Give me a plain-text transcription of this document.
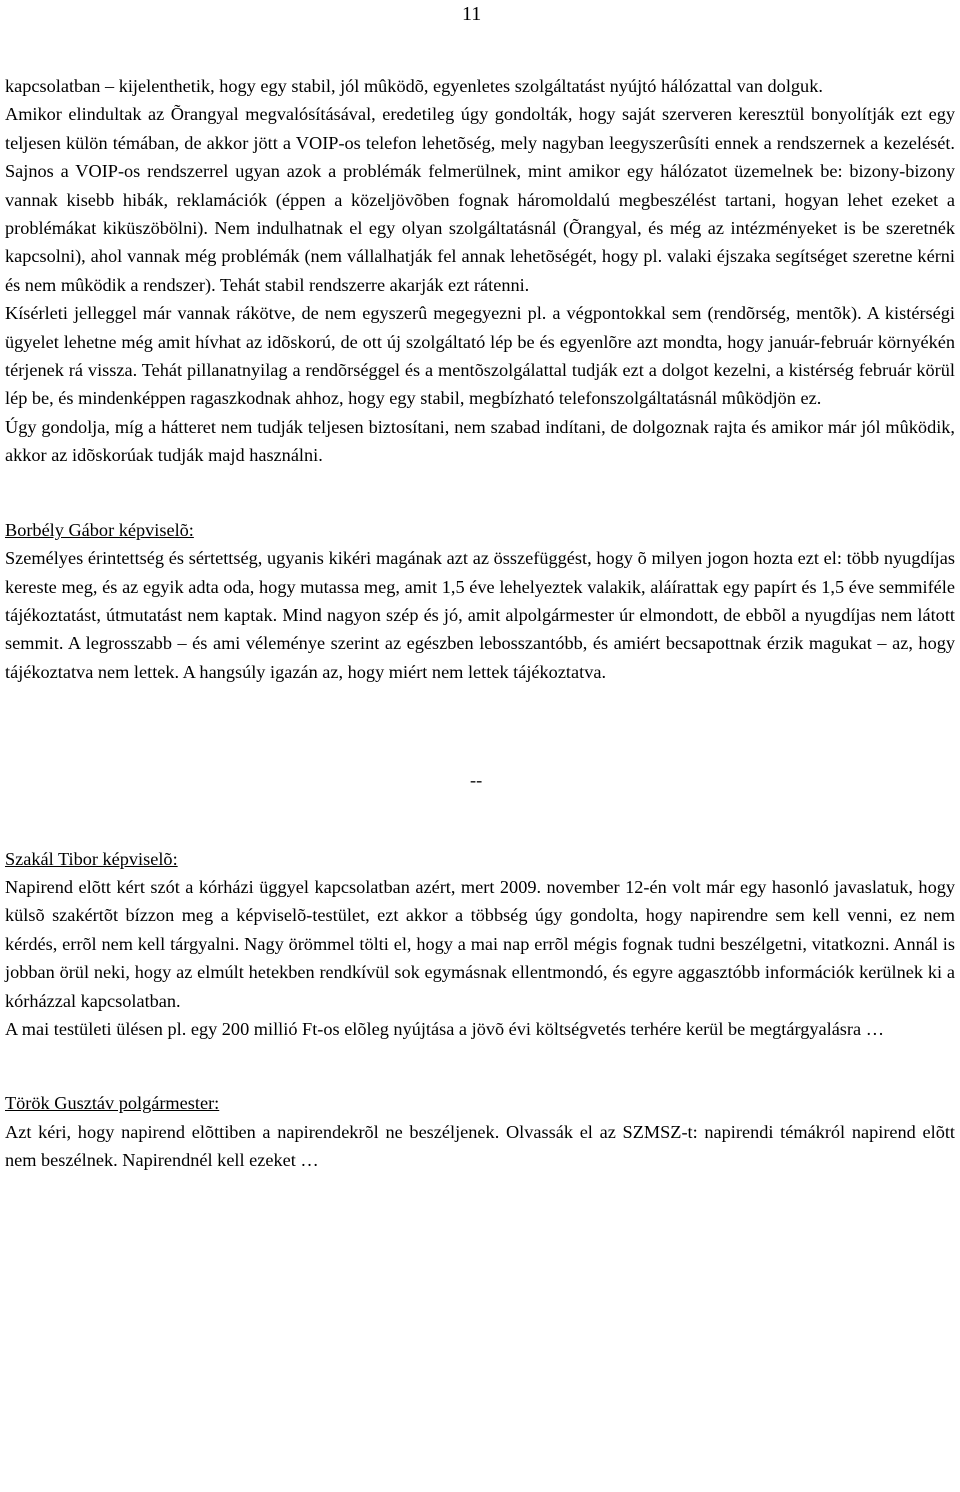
11

kapcsolatban – kijelenthetik, hogy egy stabil, jól mûködõ, egyenletes szolgáltatást nyújtó hálózattal van dolguk.

Amikor elindultak az Õrangyal megvalósításával, eredetileg úgy gondolták, hogy saját szerveren keresztül bonyolítják ezt egy teljesen külön témában, de akkor jött a VOIP-os telefon lehetõség, mely nagyban leegyszerûsíti ennek a rendszernek a kezelését. Sajnos a VOIP-os rendszerrel ugyan azok a problémák felmerülnek, mint amikor egy hálózatot üzemelnek be: bizony-bizony vannak kisebb hibák, reklamációk (éppen a közeljövõben fognak háromoldalú megbeszélést tartani, hogyan lehet ezeket a problémákat kiküszöbölni). Nem indulhatnak el egy olyan szolgáltatásnál (Õrangyal, és még az intézményeket is be szeretnék kapcsolni), ahol vannak még problémák (nem vállalhatják fel annak lehetõségét, hogy pl. valaki éjszaka segítséget szeretne kérni és nem mûködik a rendszer). Tehát stabil rendszerre akarják ezt rátenni.

Kísérleti jelleggel már vannak rákötve, de nem egyszerû megegyezni pl. a végpontokkal sem (rendõrség, mentõk). A kistérségi ügyelet lehetne még amit hívhat az idõskorú, de ott új szolgáltató lép be és egyenlõre azt mondta, hogy január-február környékén térjenek rá vissza. Tehát pillanatnyilag a rendõrséggel és a mentõszolgálattal tudják ezt a dolgot kezelni, a kistérség február körül lép be, és mindenképpen ragaszkodnak ahhoz, hogy egy stabil, megbízható telefonszolgáltatásnál mûködjön ez.

Úgy gondolja, míg a hátteret nem tudják teljesen biztosítani, nem szabad indítani, de dolgoznak rajta és amikor már jól mûködik, akkor az idõskorúak tudják majd használni.

Borbély Gábor képviselõ:

Személyes érintettség és sértettség, ugyanis kikéri magának azt az összefüggést, hogy õ milyen jogon hozta ezt el: több nyugdíjas kereste meg, és az egyik adta oda, hogy mutassa meg, amit 1,5 éve lehelyeztek valakik, aláírattak egy papírt és 1,5 éve semmiféle tájékoztatást, útmutatást nem kaptak. Mind nagyon szép és jó, amit alpolgármester úr elmondott, de ebbõl a nyugdíjas nem látott semmit. A legrosszabb – és ami véleménye szerint az egészben lebosszantóbb, és amiért becsapottnak érzik magukat – az, hogy tájékoztatva nem lettek. A hangsúly igazán az, hogy miért nem lettek tájékoztatva.

--

Szakál Tibor képviselõ:

Napirend elõtt kért szót a kórházi üggyel kapcsolatban azért, mert 2009. november 12-én volt már egy hasonló javaslatuk, hogy külsõ szakértõt bízzon meg a képviselõ-testület, ezt akkor a többség úgy gondolta, hogy napirendre sem kell venni, ez nem kérdés, errõl nem kell tárgyalni. Nagy örömmel tölti el, hogy a mai nap errõl mégis fognak tudni beszélgetni, vitatkozni. Annál is jobban örül neki, hogy az elmúlt hetekben rendkívül sok egymásnak ellentmondó, és egyre aggasztóbb információk kerülnek ki a kórházzal kapcsolatban.

A mai testületi ülésen pl. egy 200 millió Ft-os elõleg nyújtása a jövõ évi költségvetés terhére kerül be megtárgyalásra …

Török Gusztáv polgármester:

Azt kéri, hogy napirend elõttiben a napirendekrõl ne beszéljenek. Olvassák el az SZMSZ-t: napirendi témákról napirend elõtt nem beszélnek. Napirendnél kell ezeket …
